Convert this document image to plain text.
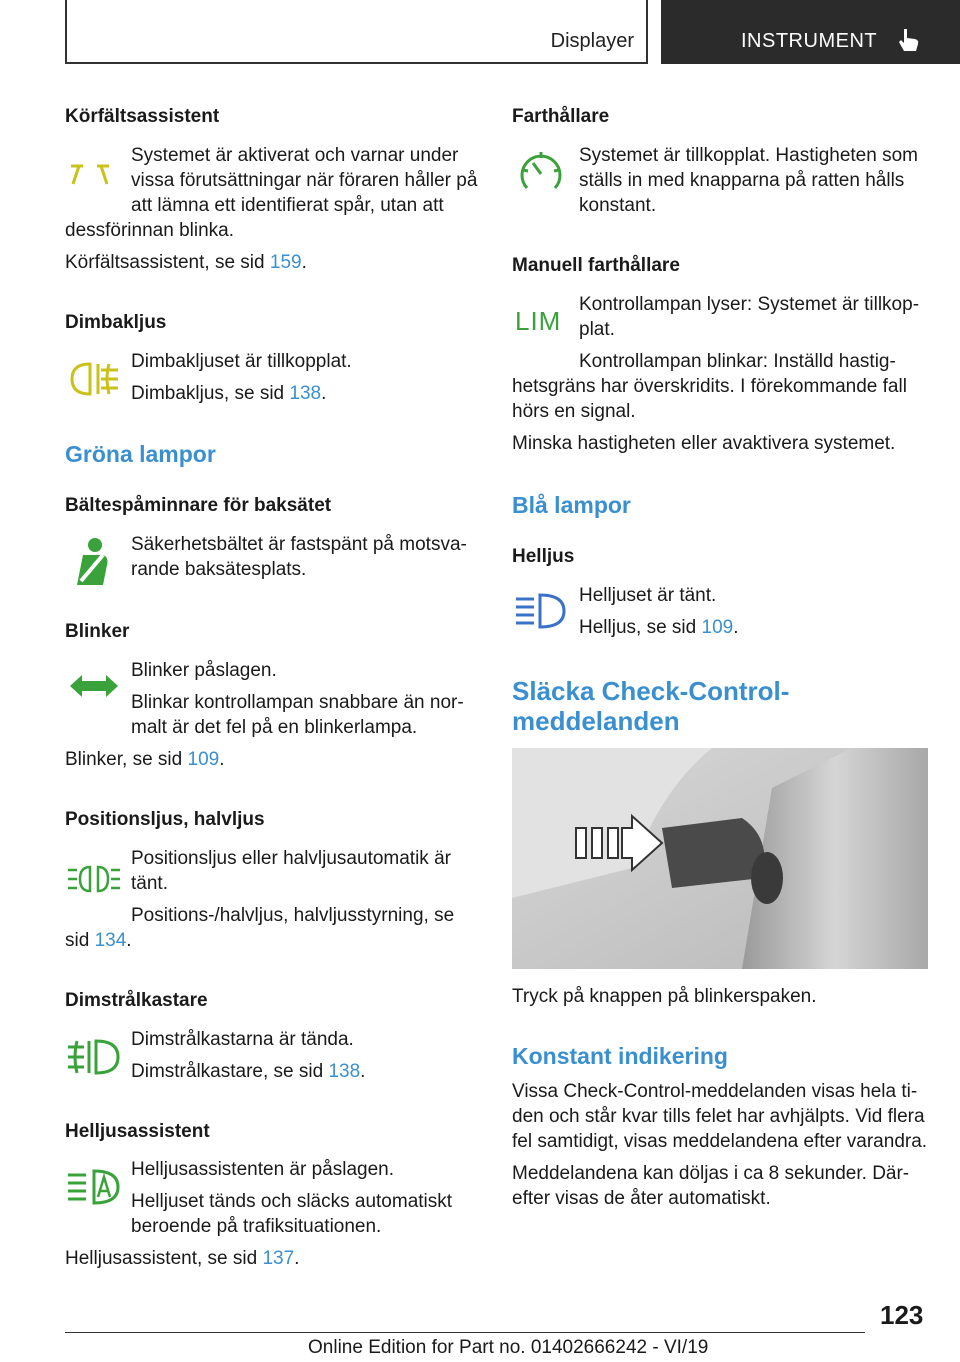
Displayer	INSTRUMENT
Körfältsassistent
Systemet är aktiverat och varnar under
vissa förutsättningar när föraren håller på
att lämna ett identifierat spår, utan att
dessförinnan blinka.
Körfältsassistent, se sid 159.
Dimbakljus
Dimbakljuset är tillkopplat.
Dimbakljus, se sid 138.
Gröna lampor
Bältespåminnare för baksätet
Säkerhetsbältet är fastspänt på motsva-
rande baksätesplats.
Blinker
Blinker påslagen.
Blinkar kontrollampan snabbare än nor-
malt är det fel på en blinkerlampa.
Blinker, se sid 109.
Positionsljus, halvljus
Positionsljus eller halvljusautomatik är
tänt.
Positions-/halvljus, halvljusstyrning, se
sid 134.
Dimstrålkastare
Dimstrålkastarna är tända.
Dimstrålkastare, se sid 138.
Helljusassistent
Helljusassistenten är påslagen.
Helljuset tänds och släcks automatiskt
beroende på trafiksituationen.
Helljusassistent, se sid 137.
Farthållare
Systemet är tillkopplat. Hastigheten som
ställs in med knapparna på ratten hålls
konstant.
Manuell farthållare
LIM
Kontrollampan lyser: Systemet är tillkop-
plat.
Kontrollampan blinkar: Inställd hastig-
hetsgräns har överskridits. I förekommande fall
hörs en signal.
Minska hastigheten eller avaktivera systemet.
Blå lampor
Helljus
Helljuset är tänt.
Helljus, se sid 109.
Släcka Check-Control-
meddelanden
Tryck på knappen på blinkerspaken.
Konstant indikering
Vissa Check-Control-meddelanden visas hela ti-
den och står kvar tills felet har avhjälpts. Vid flera
fel samtidigt, visas meddelandena efter varandra.
Meddelandena kan döljas i ca 8 sekunder. Där-
efter visas de åter automatiskt.
123
Online Edition for Part no. 01402666242 - VI/19
